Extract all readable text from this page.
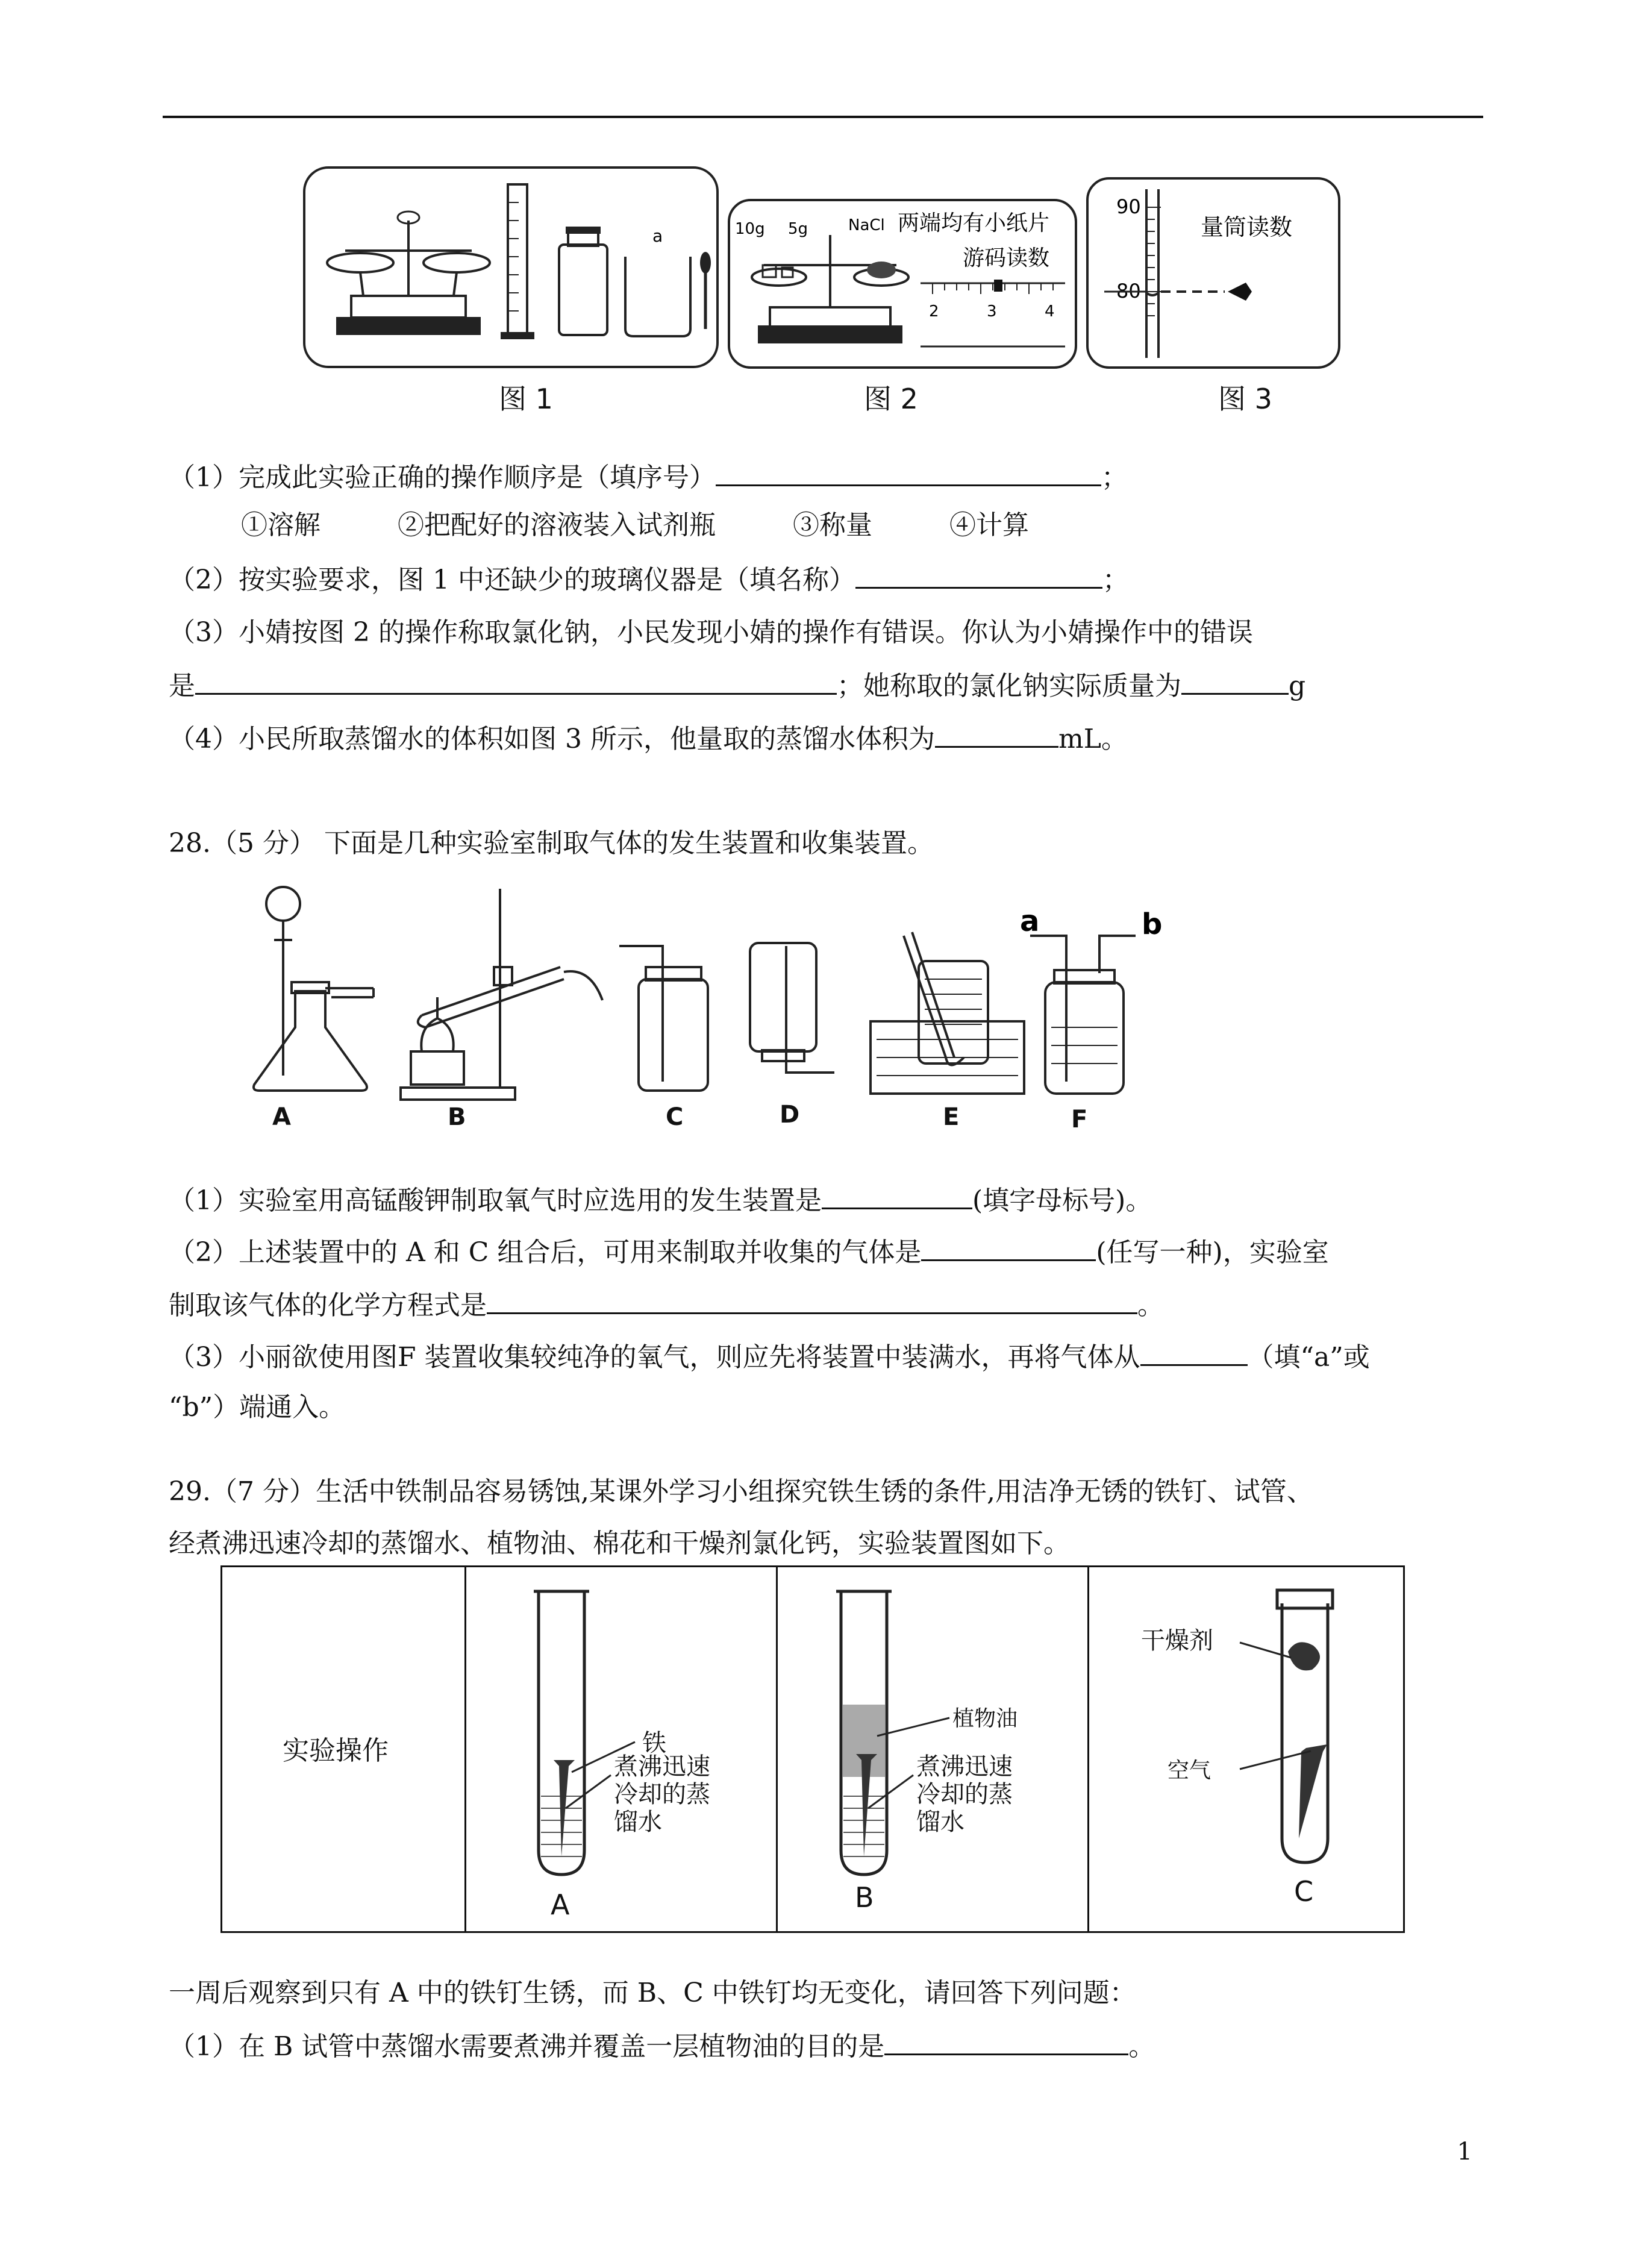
a	10g 5g	NaCl 两端均有小纸片
游码读数
2	3	4
90
80
量筒读数
图 1	图 2	图 3
（1）完成此实验正确的操作顺序是（填序号）	；
①溶解	②把配好的溶液装入试剂瓶	③称量	④计算
（2）按实验要求，图 1 中还缺少的玻璃仪器是（填名称）	；
（3）小婧按图 2 的操作称取氯化钠，小民发现小婧的操作有错误。你认为小婧操作中的错误
是	；她称取的氯化钠实际质量为	g
（4）小民所取蒸馏水的体积如图 3 所示，他量取的蒸馏水体积为	mL。
28.（5 分） 下面是几种实验室制取气体的发生装置和收集装置。
a	b
A	B	C	D	E	F
（1）实验室用高锰酸钾制取氧气时应选用的发生装置是	(填字母标号)。
（2）上述装置中的 A 和 C 组合后，可用来制取并收集的气体是	(任写一种)，实验室
制取该气体的化学方程式是	。
（3）小丽欲使用图F 装置收集较纯净的氧气，则应先将装置中装满水，再将气体从	（填“a”或
“b”）端通入。
29.（7 分）生活中铁制品容易锈蚀,某课外学习小组探究铁生锈的条件,用洁净无锈的铁钉、试管、
经煮沸迅速冷却的蒸馏水、植物油、棉花和干燥剂氯化钙，实验装置图如下。
实验操作	铁
煮沸迅速
冷却的蒸
馏水
A
植物油
煮沸迅速
冷却的蒸
馏水
B
干燥剂
空气
C
一周后观察到只有 A 中的铁钉生锈，而 B、C 中铁钉均无变化，请回答下列问题：
（1）在 B 试管中蒸馏水需要煮沸并覆盖一层植物油的目的是	。
1
